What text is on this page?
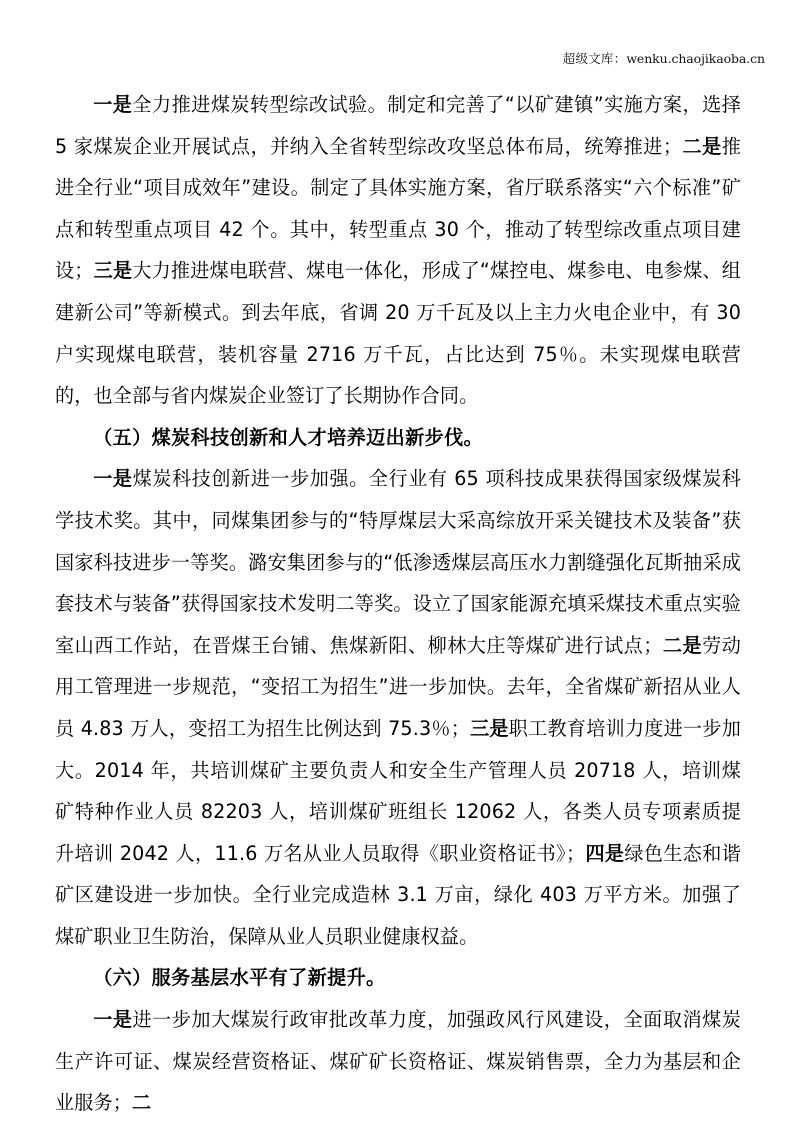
超级文库：wenku.chaojikaoba.cn

一是全力推进煤炭转型综改试验。制定和完善了“以矿建镇”实施方案，选择 5 家煤炭企业开展试点，并纳入全省转型综改攻坚总体布局，统筹推进；二是推进全行业“项目成效年”建设。制定了具体实施方案，省厅联系落实“六个标准”矿点和转型重点项目 42 个。其中，转型重点 30 个，推动了转型综改重点项目建设；三是大力推进煤电联营、煤电一体化，形成了“煤控电、煤参电、电参煤、组建新公司”等新模式。到去年底，省调 20 万千瓦及以上主力火电企业中，有 30 户实现煤电联营，装机容量 2716 万千瓦，占比达到 75％。未实现煤电联营的，也全部与省内煤炭企业签订了长期协作合同。

（五）煤炭科技创新和人才培养迈出新步伐。

一是煤炭科技创新进一步加强。全行业有 65 项科技成果获得国家级煤炭科学技术奖。其中，同煤集团参与的“特厚煤层大采高综放开采关键技术及装备”获国家科技进步一等奖。潞安集团参与的“低渗透煤层高压水力割缝强化瓦斯抽采成套技术与装备”获得国家技术发明二等奖。设立了国家能源充填采煤技术重点实验室山西工作站，在晋煤王台铺、焦煤新阳、柳林大庄等煤矿进行试点；二是劳动用工管理进一步规范，“变招工为招生”进一步加快。去年，全省煤矿新招从业人员 4.83 万人，变招工为招生比例达到 75.3％；三是职工教育培训力度进一步加大。2014 年，共培训煤矿主要负责人和安全生产管理人员 20718 人，培训煤矿特种作业人员 82203 人，培训煤矿班组长 12062 人，各类人员专项素质提升培训 2042 人，11.6 万名从业人员取得《职业资格证书》；四是绿色生态和谐矿区建设进一步加快。全行业完成造林 3.1 万亩，绿化 403 万平方米。加强了煤矿职业卫生防治，保障从业人员职业健康权益。

（六）服务基层水平有了新提升。

一是进一步加大煤炭行政审批改革力度，加强政风行风建设，全面取消煤炭生产许可证、煤炭经营资格证、煤矿矿长资格证、煤炭销售票，全力为基层和企业服务；二
